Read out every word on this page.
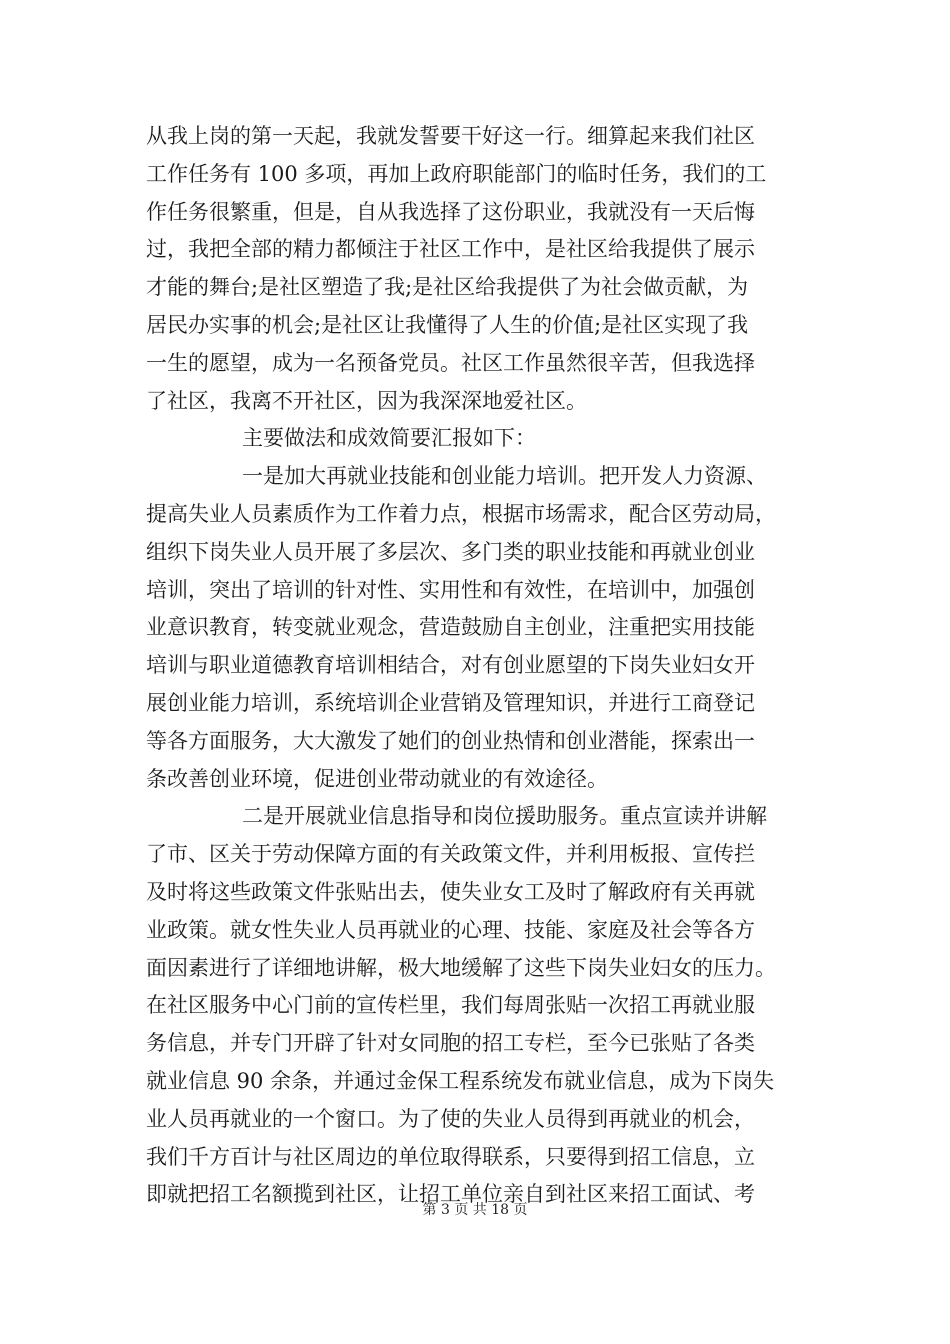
从我上岗的第一天起，我就发誓要干好这一行。细算起来我们社区
工作任务有 100 多项，再加上政府职能部门的临时任务，我们的工
作任务很繁重，但是，自从我选择了这份职业，我就没有一天后悔
过，我把全部的精力都倾注于社区工作中，是社区给我提供了展示
才能的舞台;是社区塑造了我;是社区给我提供了为社会做贡献，为
居民办实事的机会;是社区让我懂得了人生的价值;是社区实现了我
一生的愿望，成为一名预备党员。社区工作虽然很辛苦，但我选择
了社区，我离不开社区，因为我深深地爱社区。
主要做法和成效简要汇报如下：
一是加大再就业技能和创业能力培训。把开发人力资源、
提高失业人员素质作为工作着力点，根据市场需求，配合区劳动局，
组织下岗失业人员开展了多层次、多门类的职业技能和再就业创业
培训，突出了培训的针对性、实用性和有效性，在培训中，加强创
业意识教育，转变就业观念，营造鼓励自主创业，注重把实用技能
培训与职业道德教育培训相结合，对有创业愿望的下岗失业妇女开
展创业能力培训，系统培训企业营销及管理知识，并进行工商登记
等各方面服务，大大激发了她们的创业热情和创业潜能，探索出一
条改善创业环境，促进创业带动就业的有效途径。
二是开展就业信息指导和岗位援助服务。重点宣读并讲解
了市、区关于劳动保障方面的有关政策文件，并利用板报、宣传拦
及时将这些政策文件张贴出去，使失业女工及时了解政府有关再就
业政策。就女性失业人员再就业的心理、技能、家庭及社会等各方
面因素进行了详细地讲解，极大地缓解了这些下岗失业妇女的压力。
在社区服务中心门前的宣传栏里，我们每周张贴一次招工再就业服
务信息，并专门开辟了针对女同胞的招工专栏，至今已张贴了各类
就业信息 90 余条，并通过金保工程系统发布就业信息，成为下岗失
业人员再就业的一个窗口。为了使的失业人员得到再就业的机会，
我们千方百计与社区周边的单位取得联系，只要得到招工信息，立
即就把招工名额揽到社区，让招工单位亲自到社区来招工面试、考
第 3 页 共 18 页
